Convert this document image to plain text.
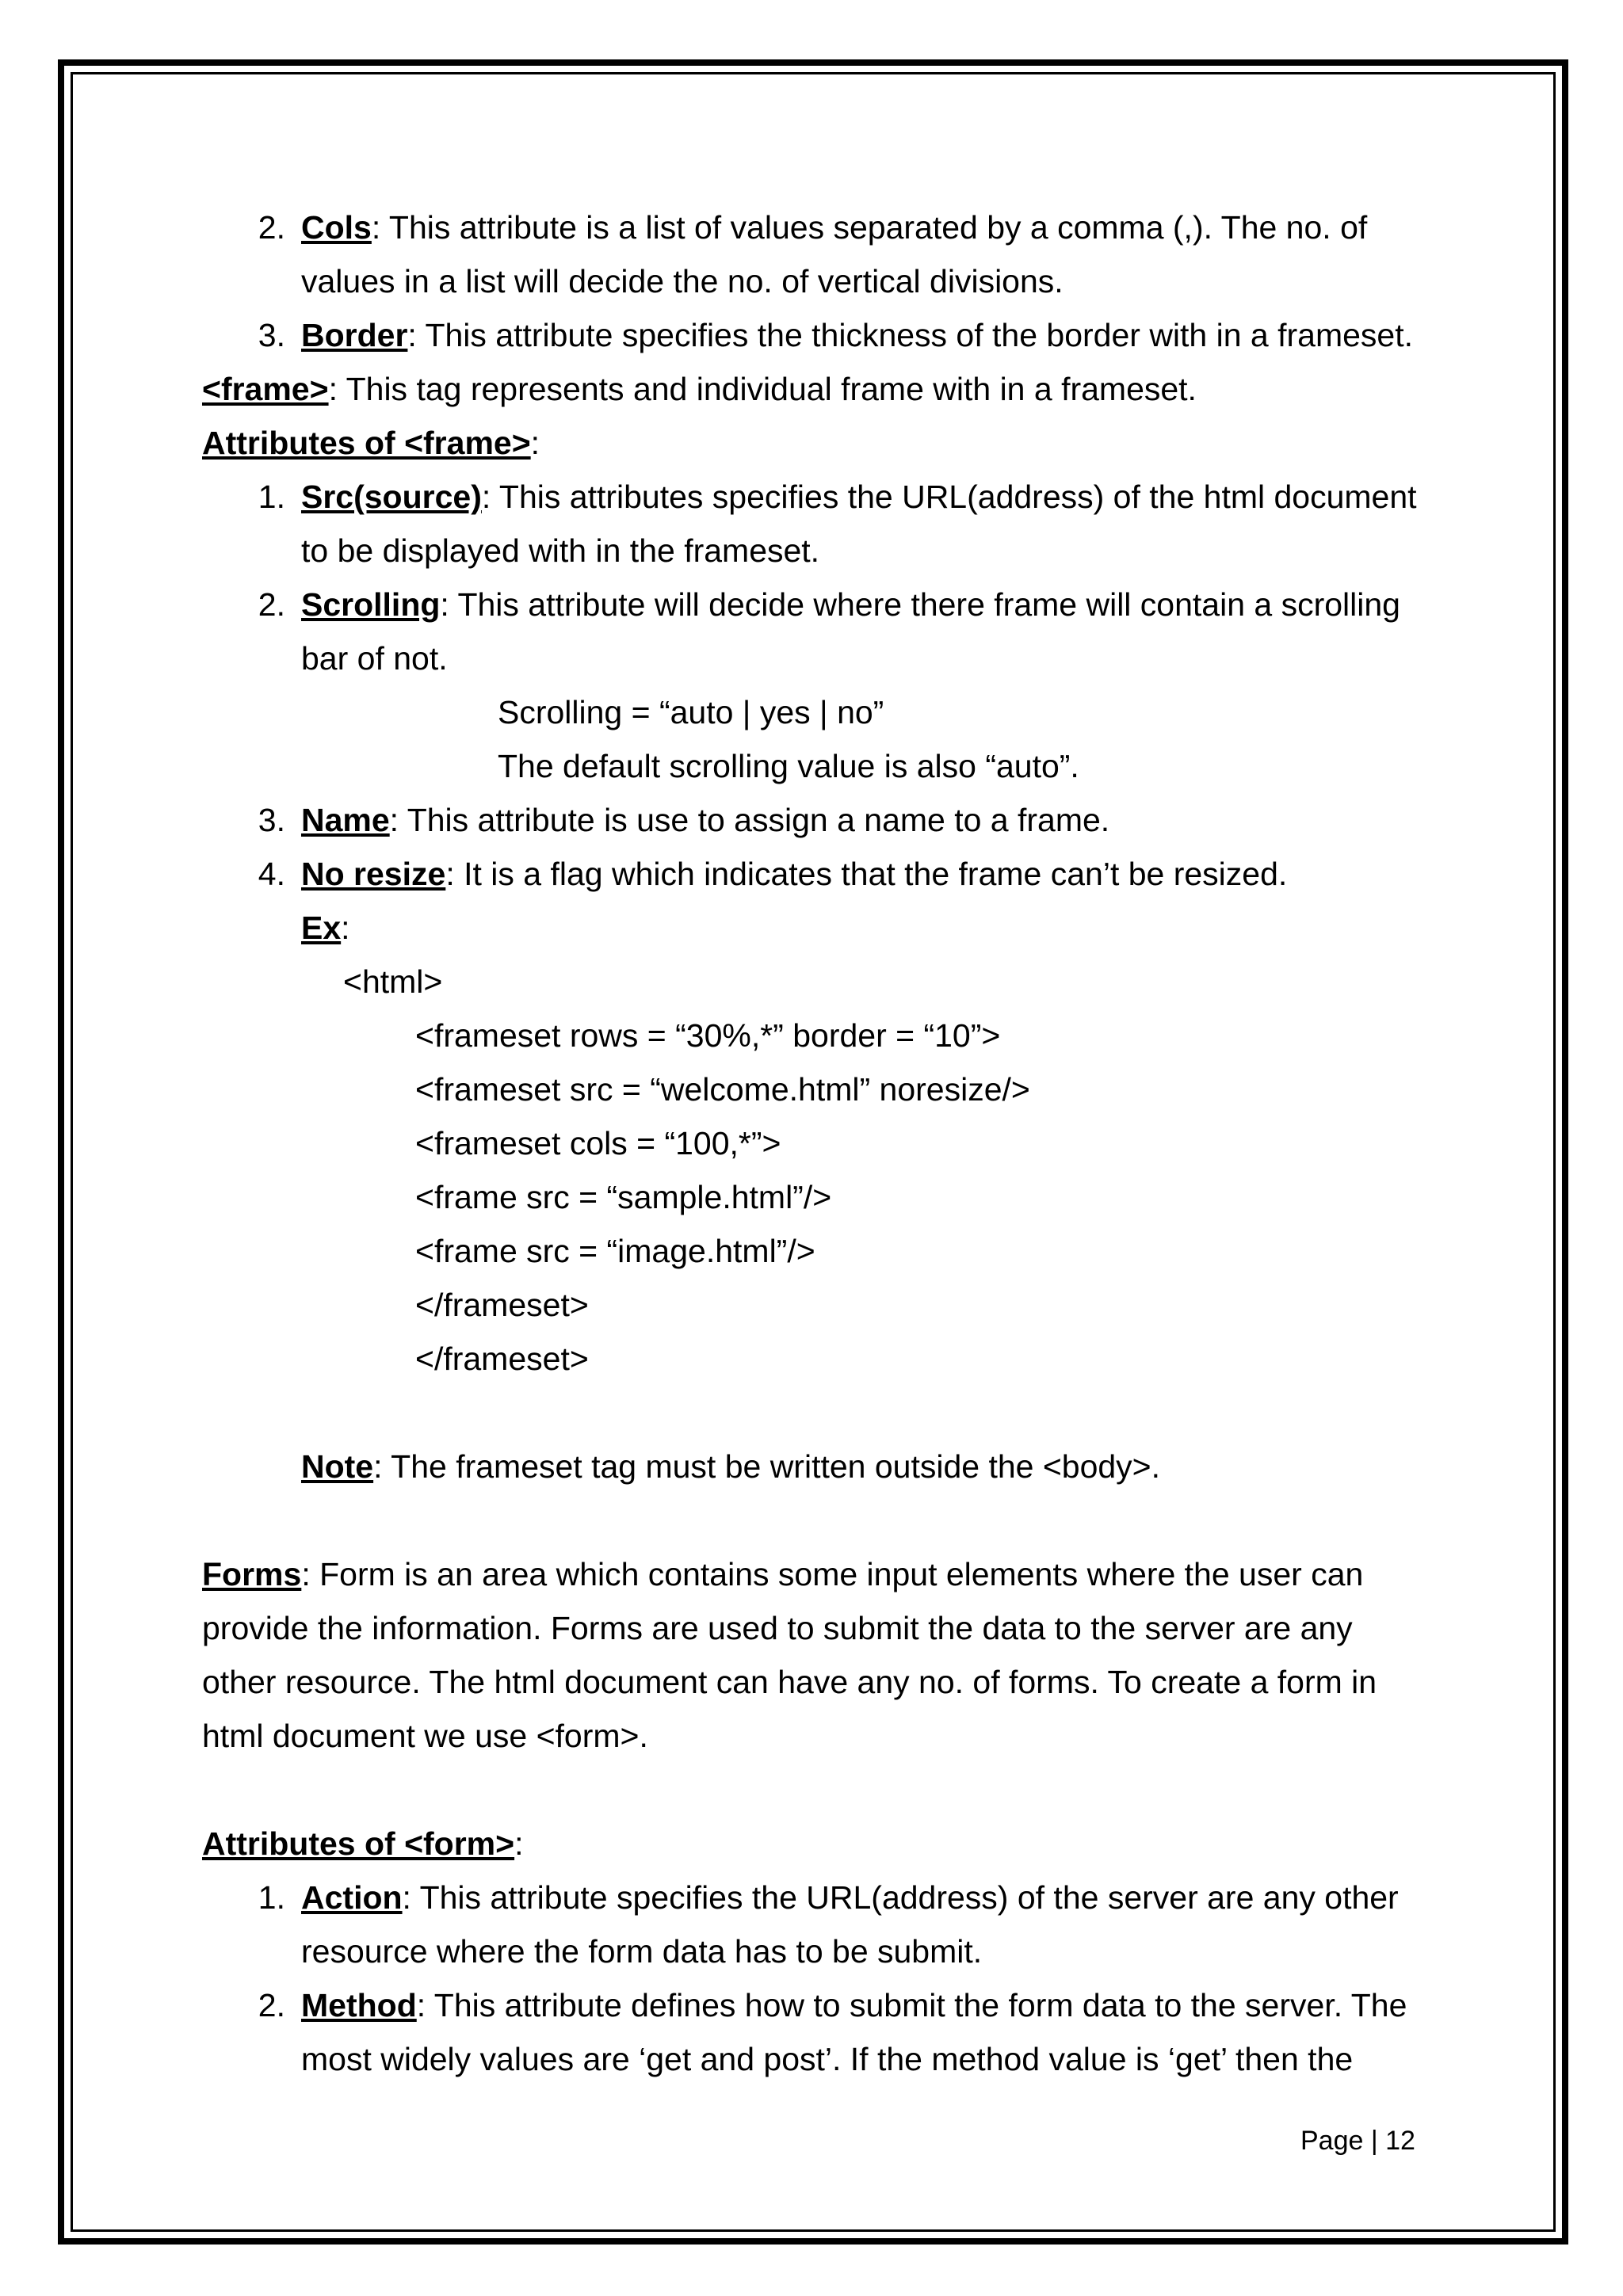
2. Cols: This attribute is a list of values separated by a comma (,). The no. of
values in a list will decide the no. of vertical divisions.
3. Border: This attribute specifies the thickness of the border with in a frameset.
<frame>: This tag represents and individual frame with in a frameset.
Attributes of <frame>:
1. Src(source): This attributes specifies the URL(address) of the html document
to be displayed with in the frameset.
2. Scrolling: This attribute will decide where there frame will contain a scrolling
bar of not.
Scrolling = “auto | yes | no”
The default scrolling value is also “auto”.
3. Name: This attribute is use to assign a name to a frame.
4. No resize: It is a flag which indicates that the frame can’t be resized.
Ex:
<html>
<frameset rows = “30%,*” border = “10”>
<frameset src = “welcome.html” noresize/>
<frameset cols = “100,*”>
<frame src = “sample.html”/>
<frame src = “image.html”/>
</frameset>
</frameset>
Note: The frameset tag must be written outside the <body>.
Forms: Form is an area which contains some input elements where the user can
provide the information. Forms are used to submit the data to the server are any
other resource. The html document can have any no. of forms. To create a form in
html document we use <form>.
Attributes of <form>:
1. Action: This attribute specifies the URL(address) of the server are any other
resource where the form data has to be submit.
2. Method: This attribute defines how to submit the form data to the server. The
most widely values are ‘get and post’. If the method value is ‘get’ then the
Page | 12
